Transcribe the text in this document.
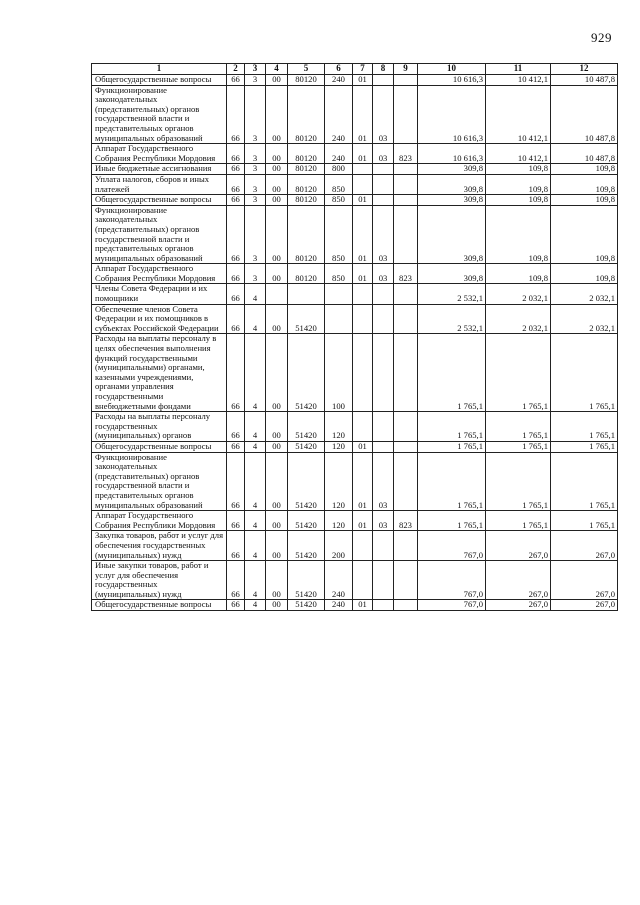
929
1	2	3	4	5	6	7	8	9	10	11	12
Общегосударственные вопросы	66	3	00	80120	240	01			10 616,3	10 412,1	10 487,8
Функционирование законодательных (представительных) органов государственной власти и представительных органов муниципальных образований	66	3	00	80120	240	01	03		10 616,3	10 412,1	10 487,8
Аппарат Государственного Собрания Республики Мордовия	66	3	00	80120	240	01	03	823	10 616,3	10 412,1	10 487,8
Иные бюджетные ассигнования	66	3	00	80120	800				309,8	109,8	109,8
Уплата налогов, сборов и иных платежей	66	3	00	80120	850				309,8	109,8	109,8
Общегосударственные вопросы	66	3	00	80120	850	01			309,8	109,8	109,8
Функционирование законодательных (представительных) органов государственной власти и представительных органов муниципальных образований	66	3	00	80120	850	01	03		309,8	109,8	109,8
Аппарат Государственного Собрания Республики Мордовия	66	3	00	80120	850	01	03	823	309,8	109,8	109,8
Члены Совета Федерации и их помощники	66	4							2 532,1	2 032,1	2 032,1
Обеспечение членов Совета Федерации и их помощников в субъектах Российской Федерации	66	4	00	51420					2 532,1	2 032,1	2 032,1
Расходы на выплаты персоналу в целях обеспечения выполнения функций государственными (муниципальными) органами, казенными учреждениями, органами управления государственными внебюджетными фондами	66	4	00	51420	100				1 765,1	1 765,1	1 765,1
Расходы на выплаты персоналу государственных (муниципальных) органов	66	4	00	51420	120				1 765,1	1 765,1	1 765,1
Общегосударственные вопросы	66	4	00	51420	120	01			1 765,1	1 765,1	1 765,1
Функционирование законодательных (представительных) органов государственной власти и представительных органов муниципальных образований	66	4	00	51420	120	01	03		1 765,1	1 765,1	1 765,1
Аппарат Государственного Собрания Республики Мордовия	66	4	00	51420	120	01	03	823	1 765,1	1 765,1	1 765,1
Закупка товаров, работ и услуг для обеспечения государственных (муниципальных) нужд	66	4	00	51420	200				767,0	267,0	267,0
Иные закупки товаров, работ и услуг для обеспечения государственных (муниципальных) нужд	66	4	00	51420	240				767,0	267,0	267,0
Общегосударственные вопросы	66	4	00	51420	240	01			767,0	267,0	267,0
